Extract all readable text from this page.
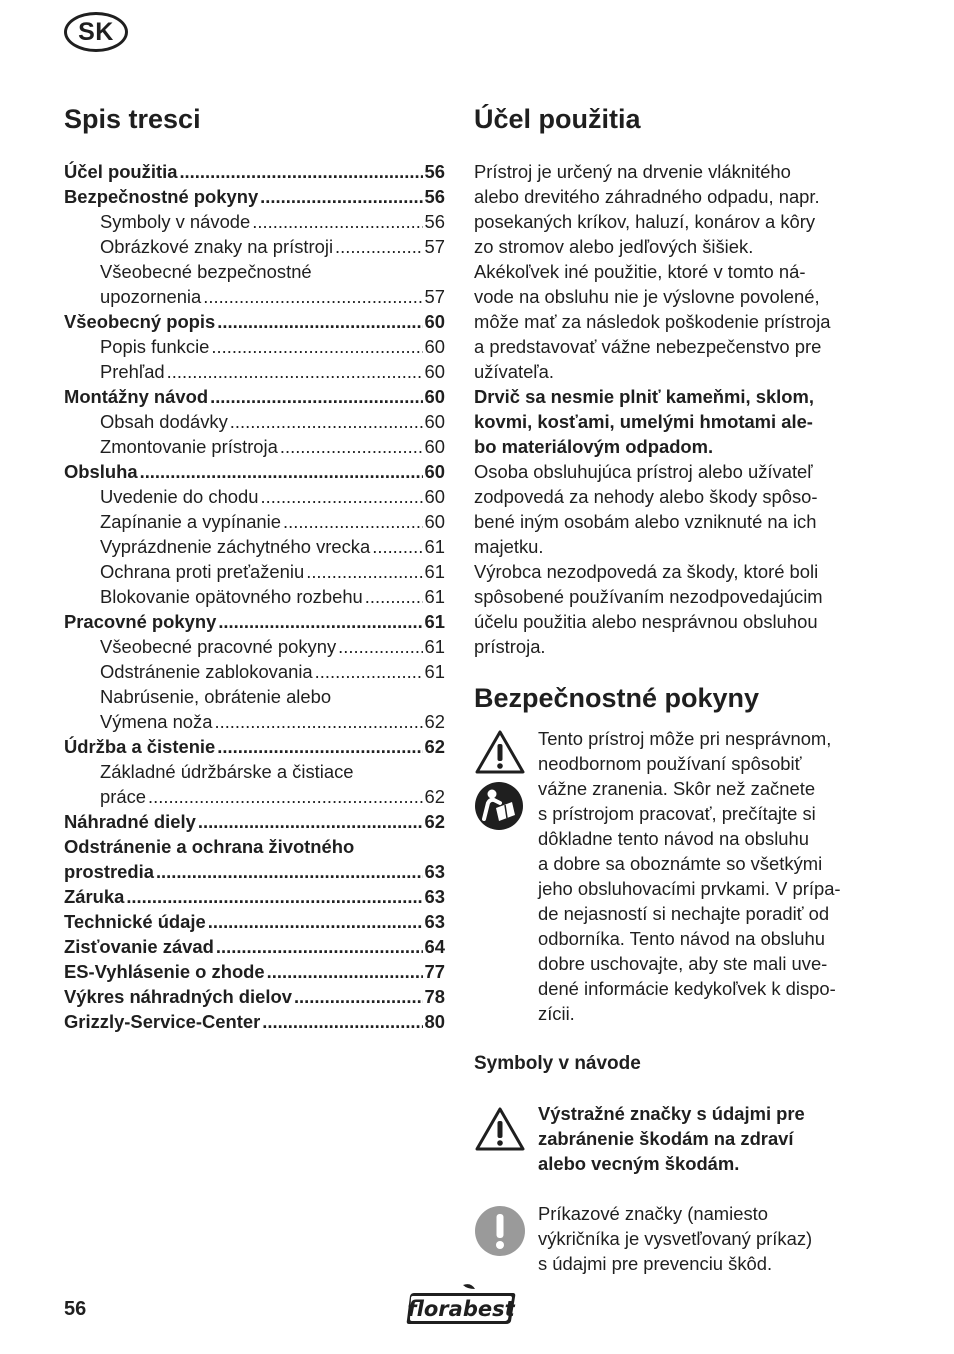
SK
Spis tresci
Účel použitia .....	56
Bezpečnostné pokyny .....	56
Symboly v návode .....	56
Obrázkové znaky na prístroji .....	57
Všeobecné bezpečnostné
upozornenia .....	57
Všeobecný popis .....	60
Popis funkcie .....	60
Prehľad .....	60
Montážny návod .....	60
Obsah dodávky .....	60
Zmontovanie prístroja .....	60
Obsluha .....	60
Uvedenie do chodu .....	60
Zapínanie a vypínanie .....	60
Vyprázdnenie záchytného vrecka .....	61
Ochrana proti preťaženiu .....	61
Blokovanie opätovného rozbehu .....	61
Pracovné pokyny .....	61
Všeobecné pracovné pokyny .....	61
Odstránenie zablokovania .....	61
Nabrúsenie, obrátenie alebo
Výmena noža .....	62
Údržba a čistenie .....	62
Základné údržbárske a čistiace
práce .....	62
Náhradné diely .....	62
Odstránenie a ochrana životného
prostredia .....	63
Záruka .....	63
Technické údaje .....	63
Zisťovanie závad .....	64
ES-Vyhlásenie o zhode .....	77
Výkres náhradných dielov .....	78
Grizzly-Service-Center .....	80
Účel použitia

Prístroj je určený na drvenie vláknitého
alebo drevitého záhradného odpadu, napr.
posekaných kríkov, haluzí, konárov a kôry
zo stromov alebo jedľových šišiek.
Akékoľvek iné použitie, ktoré v tomto ná-
vode na obsluhu nie je výslovne povolené,
môže mať za následok poškodenie prístroja
a predstavovať vážne nebezpečenstvo pre
užívateľa.

Drvič sa nesmie plniť kameňmi, sklom,
kovmi, kosťami, umelými hmotami ale-
bo materiálovým odpadom.

Osoba obsluhujúca prístroj alebo užívateľ
zodpovedá za nehody alebo škody spôso-
bené iným osobám alebo vzniknuté na ich
majetku.

Výrobca nezodpovedá za škody, ktoré boli
spôsobené používaním nezodpovedajúcim
účelu použitia alebo nesprávnou obsluhou
prístroja.

Bezpečnostné pokyny

Tento prístroj môže pri nesprávnom,
neodbornom používaní spôsobiť
vážne zranenia. Skôr než začnete
s prístrojom pracovať, prečítajte si
dôkladne tento návod na obsluhu
a dobre sa oboznámte so všetkými
jeho obsluhovacími prvkami. V prípa-
de nejasností si nechajte poradiť od
odborníka. Tento návod na obsluhu
dobre uschovajte, aby ste mali uve-
dené informácie kedykoľvek k dispo-
zícii.

Symboly v návode

Výstražné značky s údajmi pre
zabránenie škodám na zdraví
alebo vecným škodám.

Príkazové značky (namiesto
výkričníka je vysvetľovaný príkaz)
s údajmi pre prevenciu škôd.

56	florabest
